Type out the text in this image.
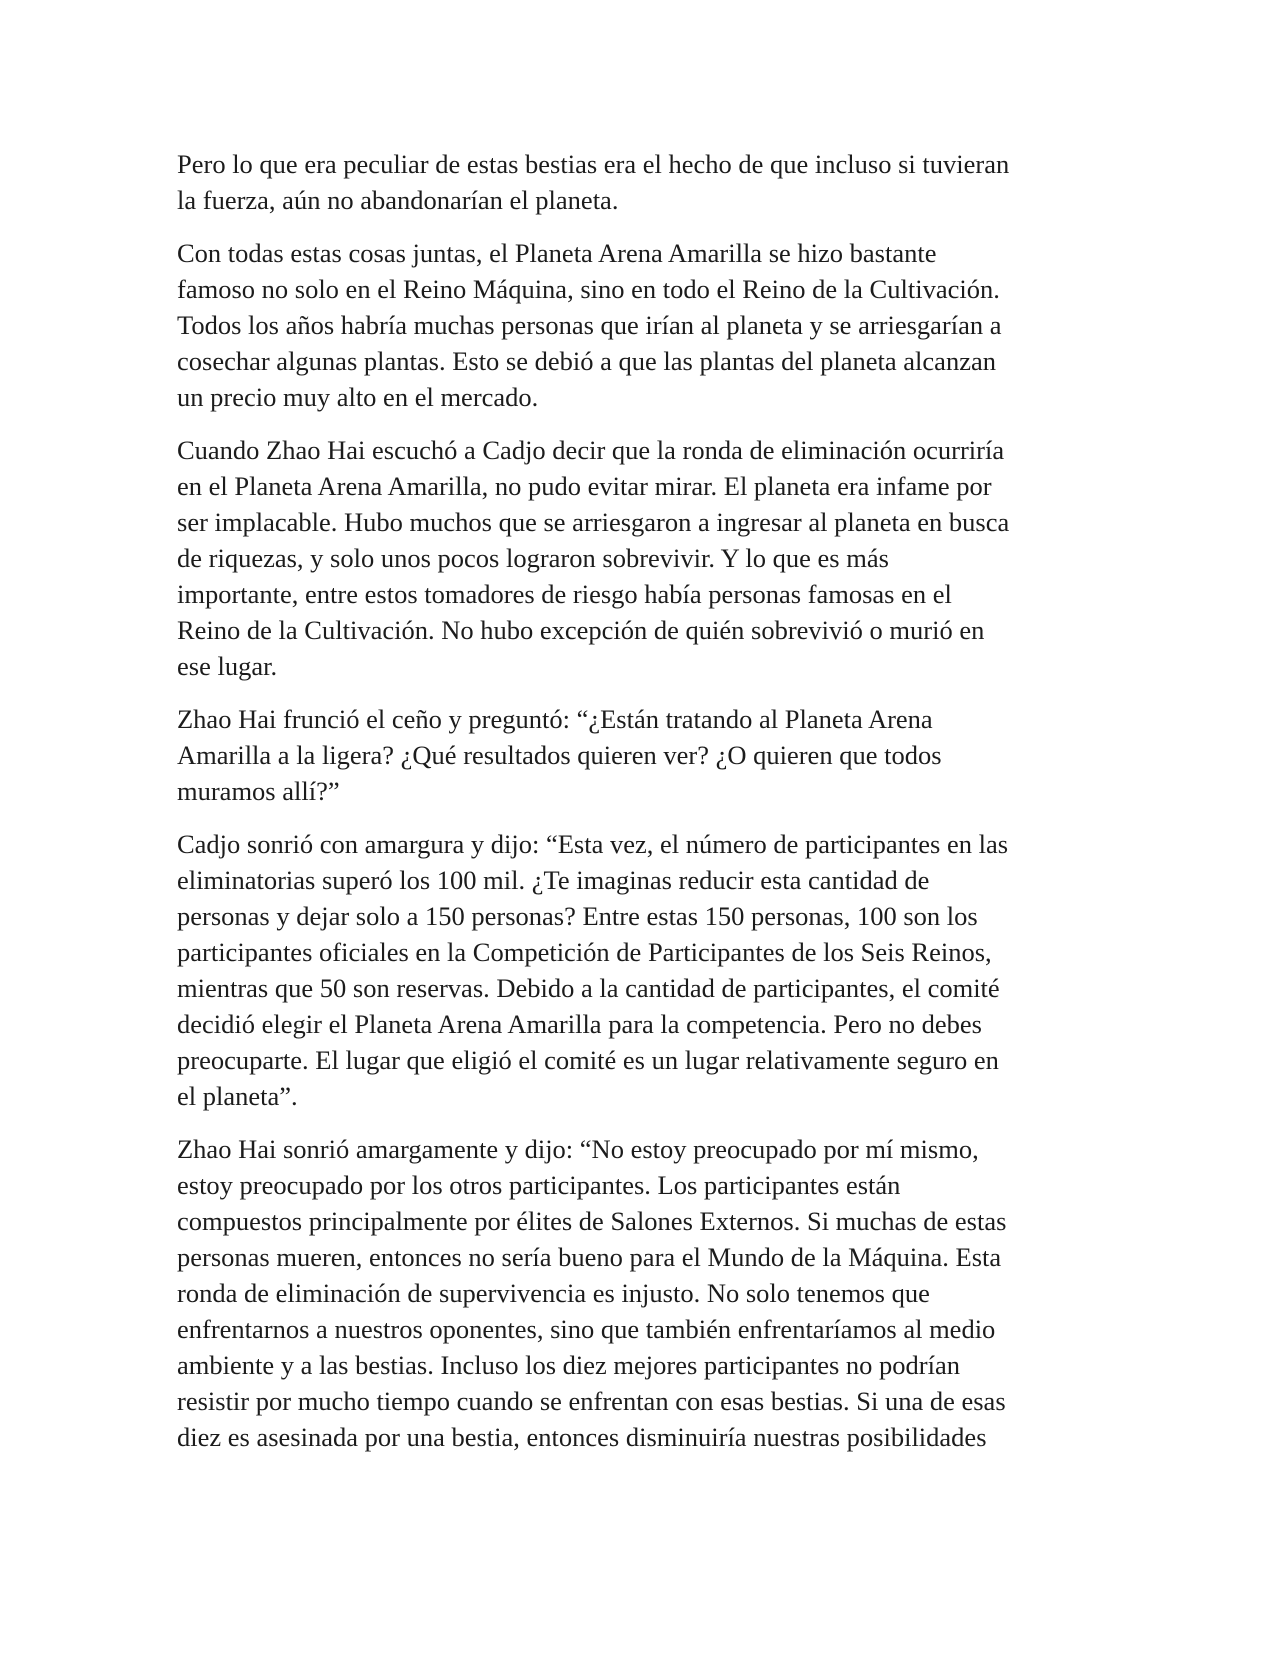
Pero lo que era peculiar de estas bestias era el hecho de que incluso si tuvieran
la fuerza, aún no abandonarían el planeta.

Con todas estas cosas juntas, el Planeta Arena Amarilla se hizo bastante
famoso no solo en el Reino Máquina, sino en todo el Reino de la Cultivación.
Todos los años habría muchas personas que irían al planeta y se arriesgarían a
cosechar algunas plantas. Esto se debió a que las plantas del planeta alcanzan
un precio muy alto en el mercado.

Cuando Zhao Hai escuchó a Cadjo decir que la ronda de eliminación ocurriría
en el Planeta Arena Amarilla, no pudo evitar mirar. El planeta era infame por
ser implacable. Hubo muchos que se arriesgaron a ingresar al planeta en busca
de riquezas, y solo unos pocos lograron sobrevivir. Y lo que es más
importante, entre estos tomadores de riesgo había personas famosas en el
Reino de la Cultivación. No hubo excepción de quién sobrevivió o murió en
ese lugar.

Zhao Hai frunció el ceño y preguntó: “¿Están tratando al Planeta Arena
Amarilla a la ligera? ¿Qué resultados quieren ver? ¿O quieren que todos
muramos allí?”

Cadjo sonrió con amargura y dijo: “Esta vez, el número de participantes en las
eliminatorias superó los 100 mil. ¿Te imaginas reducir esta cantidad de
personas y dejar solo a 150 personas? Entre estas 150 personas, 100 son los
participantes oficiales en la Competición de Participantes de los Seis Reinos,
mientras que 50 son reservas. Debido a la cantidad de participantes, el comité
decidió elegir el Planeta Arena Amarilla para la competencia. Pero no debes
preocuparte. El lugar que eligió el comité es un lugar relativamente seguro en
el planeta”.

Zhao Hai sonrió amargamente y dijo: “No estoy preocupado por mí mismo,
estoy preocupado por los otros participantes. Los participantes están
compuestos principalmente por élites de Salones Externos. Si muchas de estas
personas mueren, entonces no sería bueno para el Mundo de la Máquina. Esta
ronda de eliminación de supervivencia es injusto. No solo tenemos que
enfrentarnos a nuestros oponentes, sino que también enfrentaríamos al medio
ambiente y a las bestias. Incluso los diez mejores participantes no podrían
resistir por mucho tiempo cuando se enfrentan con esas bestias. Si una de esas
diez es asesinada por una bestia, entonces disminuiría nuestras posibilidades
